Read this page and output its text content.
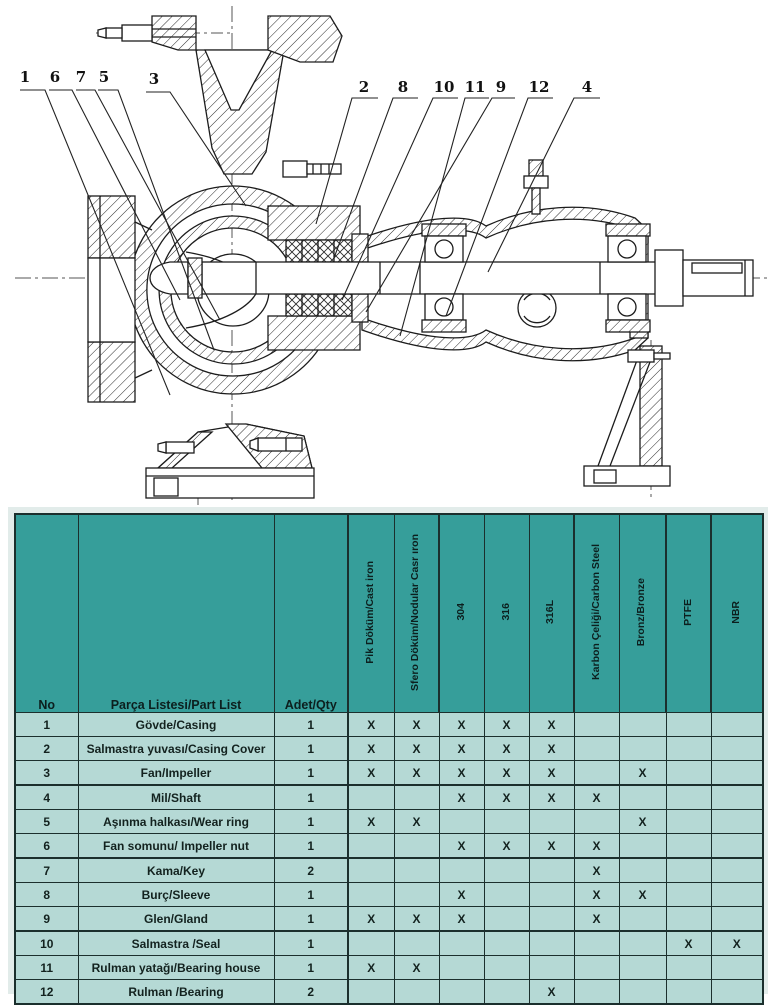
1 6 7 5	3	2 8 10 11 9 12 4
No	Parça Listesi/Part List	Adet/Qty	Pik Döküm/Cast iron	Sfero Döküm/Nodular Casr ıron	304	316	316L	Karbon Çeliği/Carbon Steel	Bronz/Bronze	PTFE	NBR
1	Gövde/Casing	1	X	X	X	X	X				
2	Salmastra yuvası/Casing Cover	1	X	X	X	X	X				
3	Fan/Impeller	1	X	X	X	X	X		X		
4	Mil/Shaft	1			X	X	X	X			
5	Aşınma halkası/Wear ring	1	X	X					X		
6	Fan somunu/ Impeller nut	1			X	X	X	X			
7	Kama/Key	2						X			
8	Burç/Sleeve	1			X			X	X		
9	Glen/Gland	1	X	X	X			X			
10	Salmastra /Seal	1								X	X
11	Rulman yatağı/Bearing house	1	X	X							
12	Rulman /Bearing	2					X				
